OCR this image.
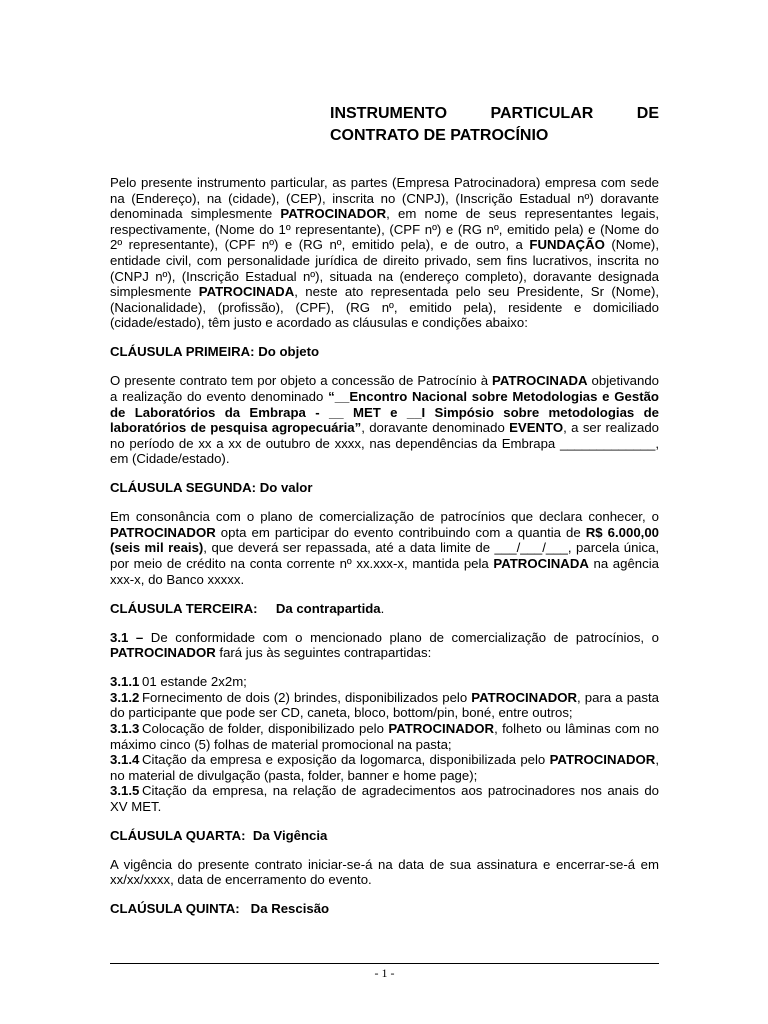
INSTRUMENTO PARTICULAR DE
CONTRATO DE PATROCÍNIO

Pelo presente instrumento particular, as partes (Empresa Patrocinadora) empresa com sede na (Endereço), na (cidade), (CEP), inscrita no (CNPJ), (Inscrição Estadual nº) doravante denominada simplesmente PATROCINADOR, em nome de seus representantes legais, respectivamente, (Nome do 1º representante), (CPF nº) e (RG nº, emitido pela) e (Nome do 2º representante), (CPF nº) e (RG nº, emitido pela), e de outro, a FUNDAÇÃO (Nome), entidade civil, com personalidade jurídica de direito privado, sem fins lucrativos, inscrita no (CNPJ nº), (Inscrição Estadual nº), situada na (endereço completo), doravante designada simplesmente PATROCINADA, neste ato representada pelo seu Presidente, Sr (Nome), (Nacionalidade), (profissão), (CPF), (RG nº, emitido pela), residente e domiciliado (cidade/estado), têm justo e acordado as cláusulas e condições abaixo:

CLÁUSULA PRIMEIRA: Do objeto

O presente contrato tem por objeto a concessão de Patrocínio à PATROCINADA objetivando a realização do evento denominado “__Encontro Nacional sobre Metodologias e Gestão de Laboratórios da Embrapa - __ MET e __I Simpósio sobre metodologias de laboratórios de pesquisa agropecuária”, doravante denominado EVENTO, a ser realizado no período de xx a xx de outubro de xxxx, nas dependências da Embrapa _____________, em (Cidade/estado).

CLÁUSULA SEGUNDA: Do valor

Em consonância com o plano de comercialização de patrocínios que declara conhecer, o PATROCINADOR opta em participar do evento contribuindo com a quantia de R$ 6.000,00 (seis mil reais), que deverá ser repassada, até a data limite de ___/___/___, parcela única, por meio de crédito na conta corrente nº xx.xxx-x, mantida pela PATROCINADA na agência xxx-x, do Banco xxxxx.

CLÁUSULA TERCEIRA: Da contrapartida.

3.1 – De conformidade com o mencionado plano de comercialização de patrocínios, o PATROCINADOR fará jus às seguintes contrapartidas:

3.1.1 01 estande 2x2m;

3.1.2 Fornecimento de dois (2) brindes, disponibilizados pelo PATROCINADOR, para a pasta do participante que pode ser CD, caneta, bloco, bottom/pin, boné, entre outros;

3.1.3 Colocação de folder, disponibilizado pelo PATROCINADOR, folheto ou lâminas com no máximo cinco (5) folhas de material promocional na pasta;

3.1.4 Citação da empresa e exposição da logomarca, disponibilizada pelo PATROCINADOR, no material de divulgação (pasta, folder, banner e home page);

3.1.5 Citação da empresa, na relação de agradecimentos aos patrocinadores nos anais do XV MET.

CLÁUSULA QUARTA: Da Vigência

A vigência do presente contrato iniciar-se-á na data de sua assinatura e encerrar-se-á em xx/xx/xxxx, data de encerramento do evento.

CLAÚSULA QUINTA: Da Rescisão

- 1 -
